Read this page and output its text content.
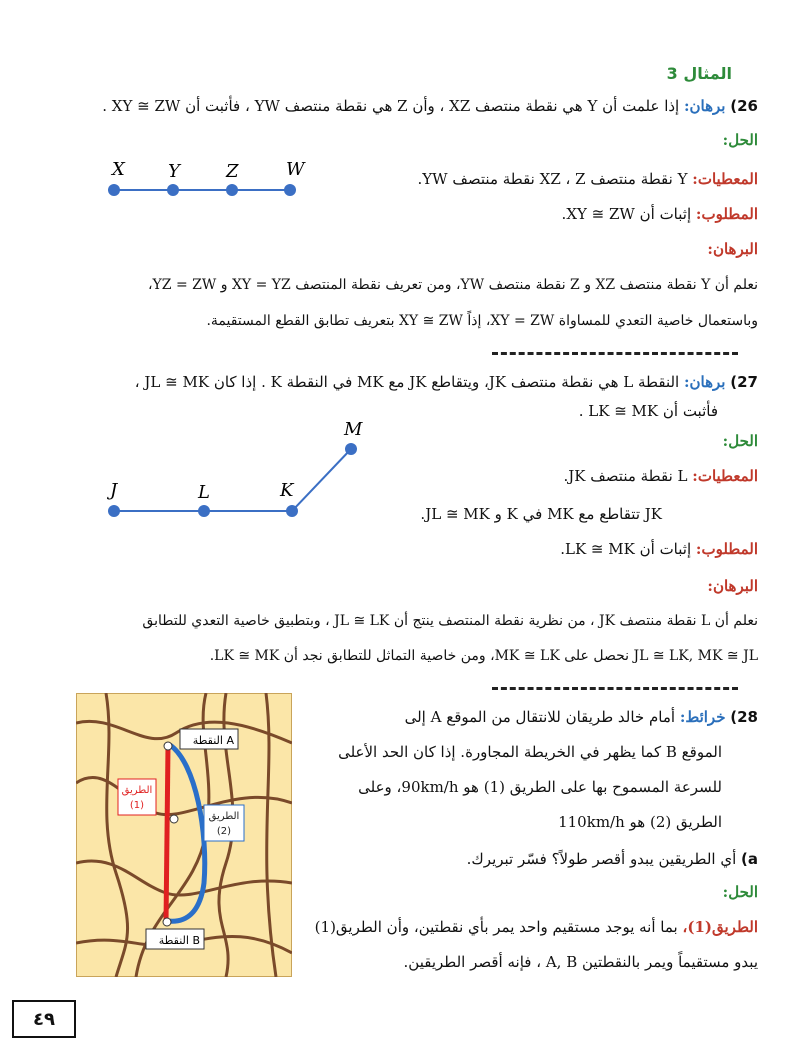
المثال 3
26) برهان: إذا علمت أن Y هي نقطة منتصف XZ ، وأن Z هي نقطة منتصف YW ، فأثبت أن XY ≅ ZW .
الحل:
X Y	Z	W	المعطيات: Y نقطة منتصف XZ ، Z نقطة منتصف YW.
المطلوب: إثبات أن XY ≅ ZW.
البرهان:
نعلم أن Y نقطة منتصف XZ و Z نقطة منتصف YW، ومن تعريف نقطة المنتصف XY = YZ و YZ = ZW،
وباستعمال خاصية التعدي للمساواة XY = ZW، إذاً XY ≅ ZW بتعريف تطابق القطع المستقيمة.
27) برهان: النقطة L هي نقطة منتصف JK، ويتقاطع JK مع MK في النقطة K . إذا كان JL ≅ MK ،
فأثبت أن LK ≅ MK .
الحل:
J	L	K
M
المعطيات: L نقطة منتصف JK.
JK تتقاطع مع MK في K و JL ≅ MK.
المطلوب: إثبات أن LK ≅ MK.
البرهان:
نعلم أن L نقطة منتصف JK ، من نظرية نقطة المنتصف ينتج أن JL ≅ LK ، وبتطبيق خاصية التعدي للتطابق
JL ≅ LK, MK ≅ JL نحصل على MK ≅ LK، ومن خاصية التماثل للتطابق نجد أن LK ≅ MK.
النقطة A
النقطة B
الطريق
(1)
الطريق
(2)
28) خرائط: أمام خالد طريقان للانتقال من الموقع A إلى
الموقع B كما يظهر في الخريطة المجاورة. إذا كان الحد الأعلى
للسرعة المسموح بها على الطريق (1) هو 90km/h، وعلى
الطريق (2) هو 110km/h
a) أي الطريقين يبدو أقصر طولاً؟ فسّر تبريرك.
الحل:
الطريق(1)، بما أنه يوجد مستقيم واحد يمر بأي نقطتين، وأن الطريق(1)
يبدو مستقيماً ويمر بالنقطتين A, B ، فإنه أقصر الطريقين.
٤٩
